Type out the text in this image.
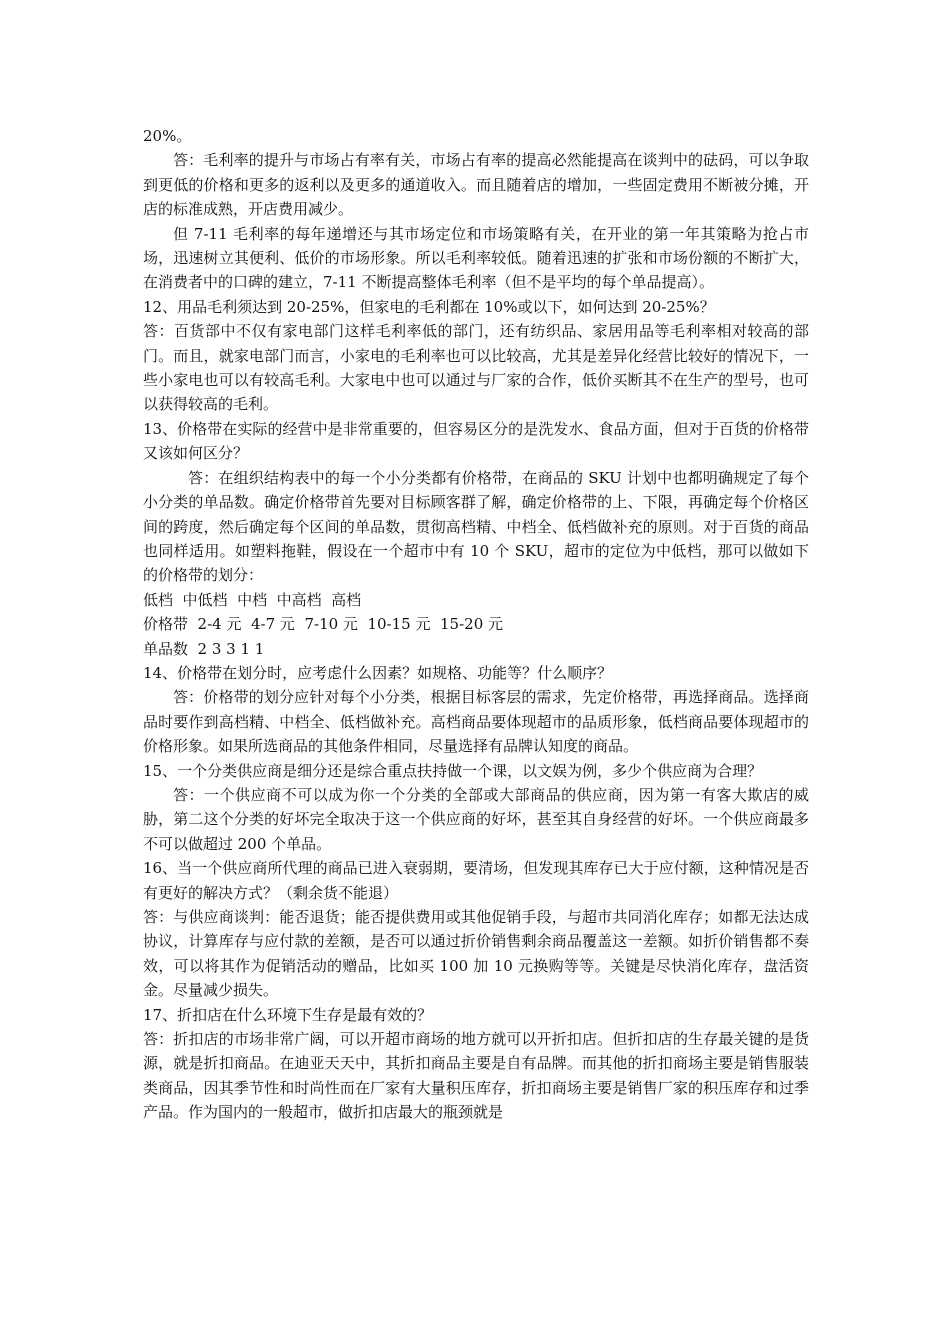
20%。

答：毛利率的提升与市场占有率有关，市场占有率的提高必然能提高在谈判中的砝码，可以争取到更低的价格和更多的返利以及更多的通道收入。而且随着店的增加，一些固定费用不断被分摊，开店的标准成熟，开店费用减少。

但 7-11 毛利率的每年递增还与其市场定位和市场策略有关，在开业的第一年其策略为抢占市场，迅速树立其便利、低价的市场形象。所以毛利率较低。随着迅速的扩张和市场份额的不断扩大，在消费者中的口碑的建立，7-11 不断提高整体毛利率（但不是平均的每个单品提高）。

12、用品毛利须达到 20-25%，但家电的毛利都在 10%或以下，如何达到 20-25%？

答：百货部中不仅有家电部门这样毛利率低的部门，还有纺织品、家居用品等毛利率相对较高的部门。而且，就家电部门而言，小家电的毛利率也可以比较高，尤其是差异化经营比较好的情况下，一些小家电也可以有较高毛利。大家电中也可以通过与厂家的合作，低价买断其不在生产的型号，也可以获得较高的毛利。

13、价格带在实际的经营中是非常重要的，但容易区分的是洗发水、食品方面，但对于百货的价格带又该如何区分？

答：在组织结构表中的每一个小分类都有价格带，在商品的 SKU 计划中也都明确规定了每个小分类的单品数。确定价格带首先要对目标顾客群了解，确定价格带的上、下限，再确定每个价格区间的跨度，然后确定每个区间的单品数，贯彻高档精、中档全、低档做补充的原则。对于百货的商品也同样适用。如塑料拖鞋，假设在一个超市中有 10 个 SKU，超市的定位为中低档，那可以做如下的价格带的划分：

低档  中低档  中档  中高档  高档

价格带  2-4 元  4-7 元  7-10 元  10-15 元  15-20 元

单品数  2 3 3 1 1

14、价格带在划分时，应考虑什么因素？如规格、功能等？什么顺序？

答：价格带的划分应针对每个小分类，根据目标客层的需求，先定价格带，再选择商品。选择商品时要作到高档精、中档全、低档做补充。高档商品要体现超市的品质形象，低档商品要体现超市的价格形象。如果所选商品的其他条件相同，尽量选择有品牌认知度的商品。

15、一个分类供应商是细分还是综合重点扶持做一个课，以文娱为例，多少个供应商为合理？

答：一个供应商不可以成为你一个分类的全部或大部商品的供应商，因为第一有客大欺店的威胁，第二这个分类的好坏完全取决于这一个供应商的好坏，甚至其自身经营的好坏。一个供应商最多不可以做超过 200 个单品。

16、当一个供应商所代理的商品已进入衰弱期，要清场，但发现其库存已大于应付额，这种情况是否有更好的解决方式？（剩余货不能退）

答：与供应商谈判：能否退货；能否提供费用或其他促销手段，与超市共同消化库存；如都无法达成协议，计算库存与应付款的差额，是否可以通过折价销售剩余商品覆盖这一差额。如折价销售都不奏效，可以将其作为促销活动的赠品，比如买 100 加 10 元换购等等。关键是尽快消化库存，盘活资金。尽量减少损失。

17、折扣店在什么环境下生存是最有效的？

答：折扣店的市场非常广阔，可以开超市商场的地方就可以开折扣店。但折扣店的生存最关键的是货源，就是折扣商品。在迪亚天天中，其折扣商品主要是自有品牌。而其他的折扣商场主要是销售服装类商品，因其季节性和时尚性而在厂家有大量积压库存，折扣商场主要是销售厂家的积压库存和过季产品。作为国内的一般超市，做折扣店最大的瓶颈就是
